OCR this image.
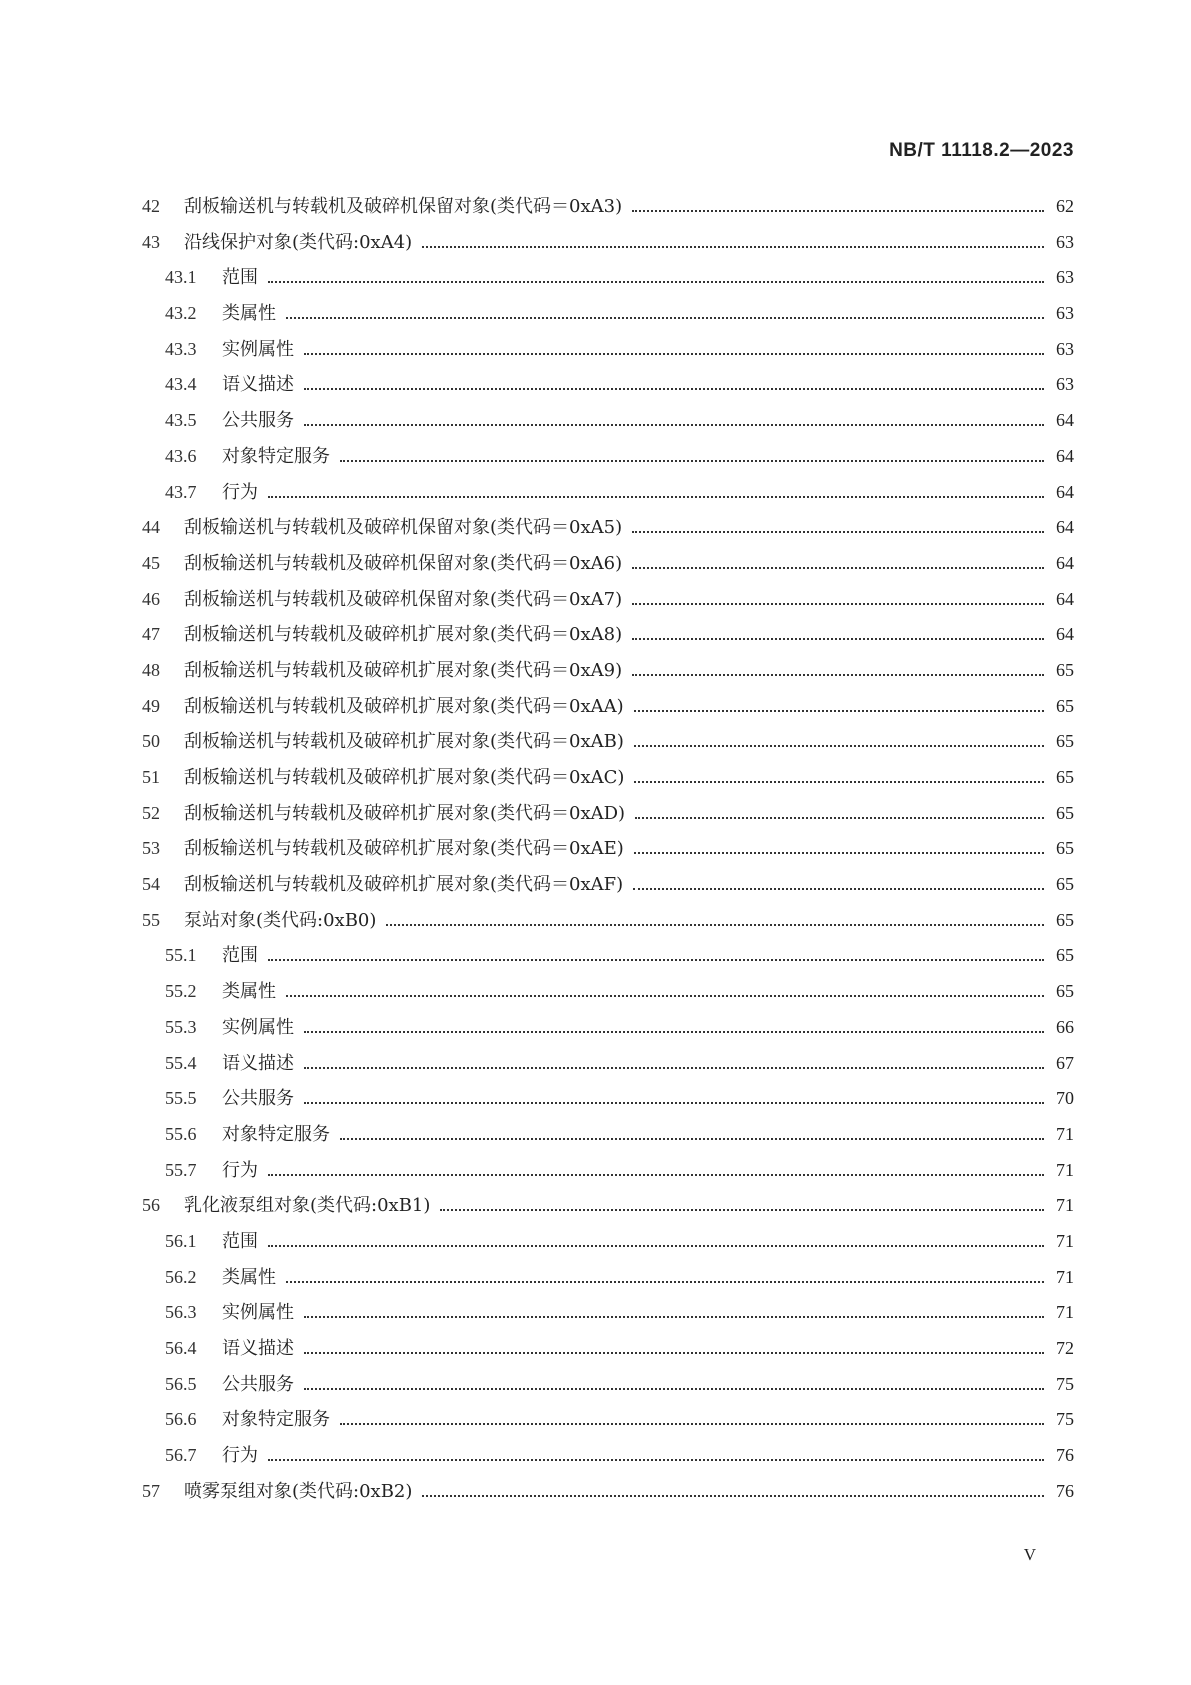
NB/T 11118.2—2023
42	刮板输送机与转载机及破碎机保留对象(类代码＝0xA3)	62
43	沿线保护对象(类代码:0xA4)	63
43.1	范围	63
43.2	类属性	63
43.3	实例属性	63
43.4	语义描述	63
43.5	公共服务	64
43.6	对象特定服务	64
43.7	行为	64
44	刮板输送机与转载机及破碎机保留对象(类代码＝0xA5)	64
45	刮板输送机与转载机及破碎机保留对象(类代码＝0xA6)	64
46	刮板输送机与转载机及破碎机保留对象(类代码＝0xA7)	64
47	刮板输送机与转载机及破碎机扩展对象(类代码＝0xA8)	64
48	刮板输送机与转载机及破碎机扩展对象(类代码＝0xA9)	65
49	刮板输送机与转载机及破碎机扩展对象(类代码＝0xAA)	65
50	刮板输送机与转载机及破碎机扩展对象(类代码＝0xAB)	65
51	刮板输送机与转载机及破碎机扩展对象(类代码＝0xAC)	65
52	刮板输送机与转载机及破碎机扩展对象(类代码＝0xAD)	65
53	刮板输送机与转载机及破碎机扩展对象(类代码＝0xAE)	65
54	刮板输送机与转载机及破碎机扩展对象(类代码＝0xAF)	65
55	泵站对象(类代码:0xB0)	65
55.1	范围	65
55.2	类属性	65
55.3	实例属性	66
55.4	语义描述	67
55.5	公共服务	70
55.6	对象特定服务	71
55.7	行为	71
56	乳化液泵组对象(类代码:0xB1)	71
56.1	范围	71
56.2	类属性	71
56.3	实例属性	71
56.4	语义描述	72
56.5	公共服务	75
56.6	对象特定服务	75
56.7	行为	76
57	喷雾泵组对象(类代码:0xB2)	76
V
